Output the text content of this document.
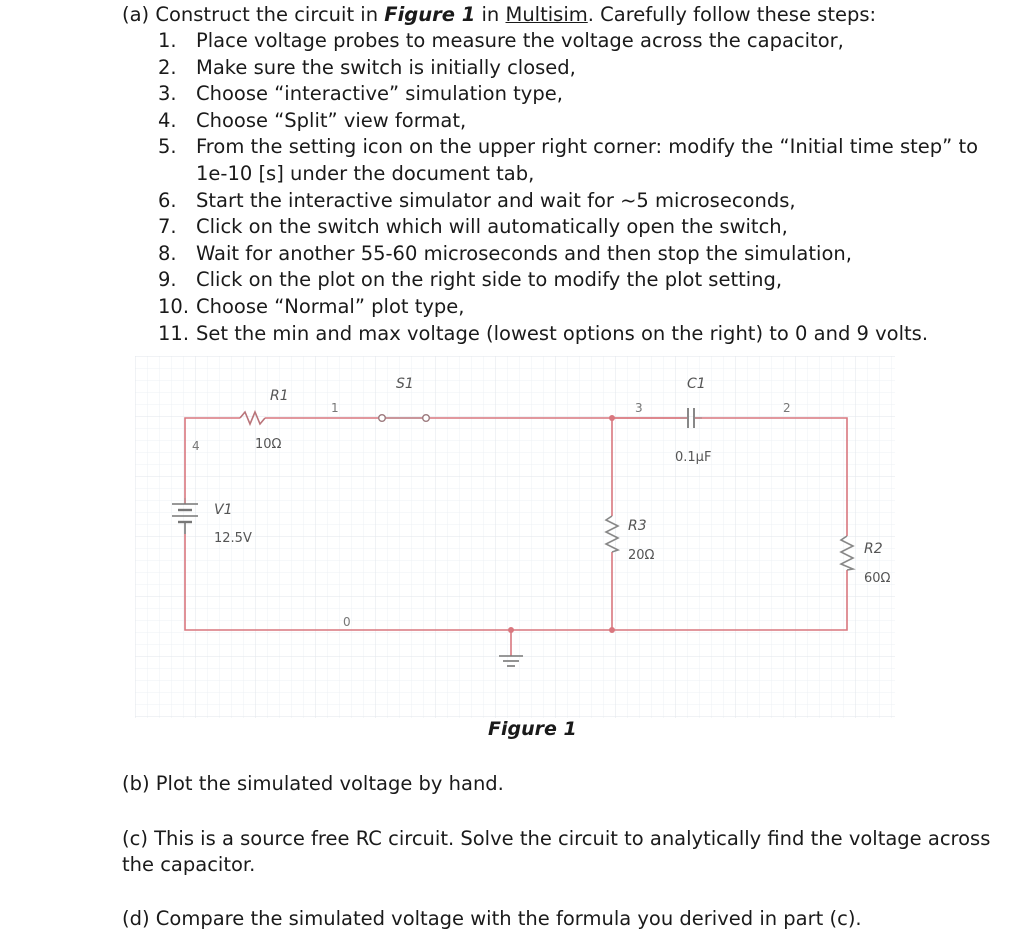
(a) Construct the circuit in Figure 1 in Multisim. Carefully follow these steps:

1. Place voltage probes to measure the voltage across the capacitor,
2. Make sure the switch is initially closed,
3. Choose “interactive” simulation type,
4. Choose “Split” view format,
5. From the setting icon on the upper right corner: modify the “Initial time step” to 1e-10 [s] under the document tab,
6. Start the interactive simulator and wait for ~5 microseconds,
7. Click on the switch which will automatically open the switch,
8. Wait for another 55-60 microseconds and then stop the simulation,
9. Click on the plot on the right side to modify the plot setting,
10. Choose “Normal” plot type,
11. Set the min and max voltage (lowest options on the right) to 0 and 9 volts.
R1
10Ω
S1	C1
0.1μF
V1
12.5V
R3
20Ω	R2
60Ω
1	2
3
4
0
Figure 1

(b) Plot the simulated voltage by hand.

(c) This is a source free RC circuit. Solve the circuit to analytically find the voltage across the capacitor.

(d) Compare the simulated voltage with the formula you derived in part (c).
